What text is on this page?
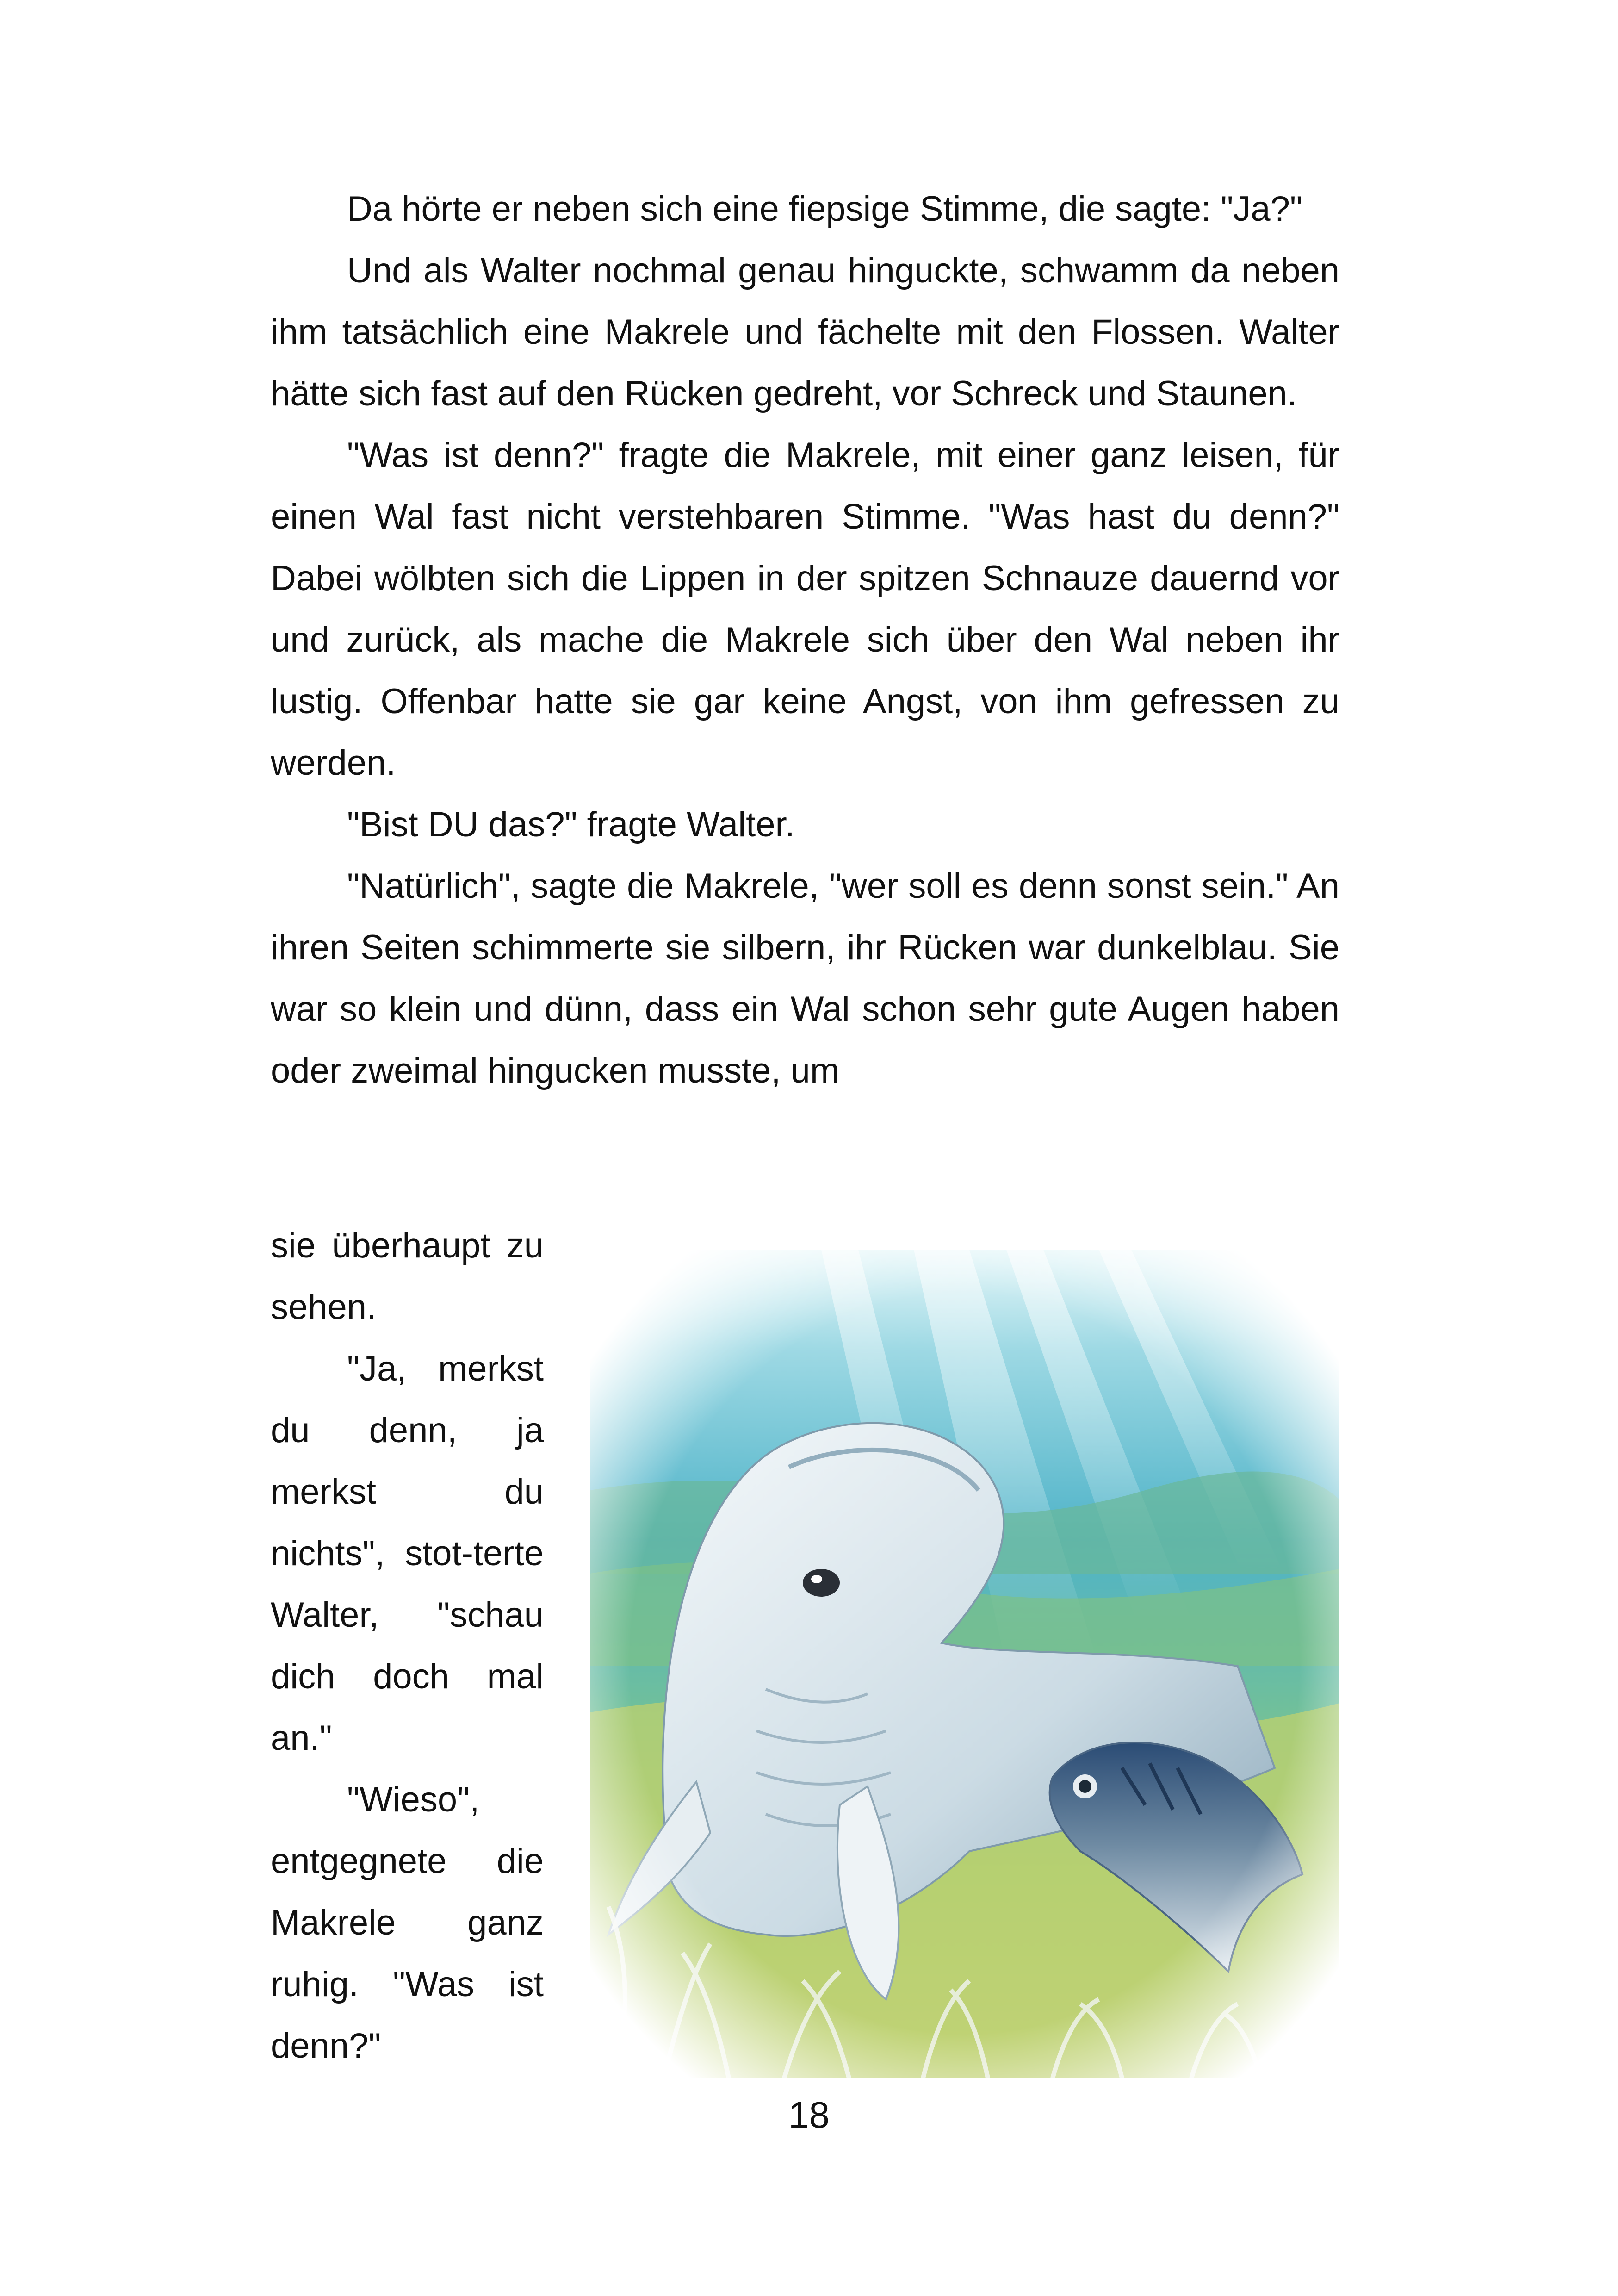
Da hörte er neben sich eine fiepsige Stimme, die sagte: "Ja?"

Und als Walter nochmal genau hinguckte, schwamm da neben ihm tatsächlich eine Makrele und fächelte mit den Flossen. Walter hätte sich fast auf den Rücken gedreht, vor Schreck und Staunen.

"Was ist denn?" fragte die Makrele, mit einer ganz leisen, für einen Wal fast nicht verstehbaren Stimme. "Was hast du denn?" Dabei wölbten sich die Lippen in der spitzen Schnauze dauernd vor und zurück, als mache die Makrele sich über den Wal neben ihr lustig. Offenbar hatte sie gar keine Angst, von ihm gefressen zu werden.

"Bist DU das?" fragte Walter.

"Natürlich", sagte die Makrele, "wer soll es denn sonst sein." An ihren Seiten schimmerte sie silbern, ihr Rücken war dunkelblau. Sie war so klein und dünn, dass ein Wal schon sehr gute Augen haben oder zweimal hingucken musste, um

sie überhaupt zu sehen.

"Ja, merkst du denn, ja merkst du nichts", stot-terte Walter, "schau dich doch mal an."

"Wieso", entgegnete die Makrele ganz ruhig. "Was ist denn?"

18
